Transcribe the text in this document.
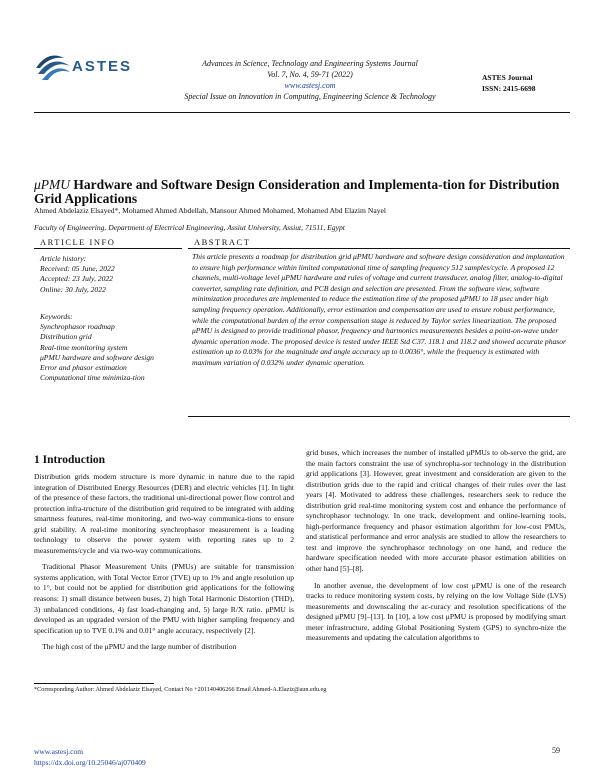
ASTES	Advances in Science, Technology and Engineering Systems Journal
Vol. 7, No. 4, 59-71 (2022)
www.astesj.com
Special Issue on Innovation in Computing, Engineering Science & Technology
ASTES Journal
ISSN: 2415-6698
μPMU Hardware and Software Design Consideration and Implementa-tion for Distribution Grid Applications
Ahmed Abdelaziz Elsayed*, Mohamed Ahmed Abdellah, Mansour Ahmed Mohamed, Mohamed Abd Elazim Nayel
Faculty of Engineering, Department of Electrical Engineering, Assiut University, Assiut, 71511, Egypt
ARTICLE INFO	ABSTRACT
Article history:
Received: 05 June, 2022
Accepted: 23 July, 2022
Online: 30 July, 2022
Keywords:
Synchrophasor roadmap
Distribution grid
Real-time monitoring system
μPMU hardware and software design
Error and phasor estimation
Computational time minimiza-tion
This article presents a roadmap for distribution grid μPMU hardware and software design consideration and implantation to ensure high performance within limited computational time of sampling frequency 512 samples/cycle. A proposed 12 channels, multi-voltage level μPMU hardware and rules of voltage and current transducer, analog filter, analog-to-digital converter, sampling rate definition, and PCB design and selection are presented. From the software view, software minimization procedures are implemented to reduce the estimation time of the proposed μPMU to 18 μsec under high sampling frequency operation. Additionally, error estimation and compensation are used to ensure robust performance, while the computational burden of the error compensation stage is reduced by Taylor series linearization. The proposed μPMU is designed to provide traditional phasor, frequency and harmonics measurements besides a point-on-wave under dynamic operation mode. The proposed device is tested under IEEE Std C37. 118.1 and 118.2 and showed accurate phasor estimation up to 0.03% for the magnitude and angle accuracy up to 0.0036°, while the frequency is estimated with maximum variation of 0.032% under dynamic operation.
1 Introduction

Distribution grids modern structure is more dynamic in nature due to the rapid integration of Distributed Energy Resources (DER) and electric vehicles [1]. In light of the presence of these factors, the traditional uni-directional power flow control and protection infra-tructure of the distribution grid required to be integrated with adding smartness features, real-time monitoring, and two-way communica-tions to ensure grid stability. A real-time monitoring synchrophasor measurement is a leading technology to observe the power system with reporting rates up to 2 measurements/cycle and via two-way communications.

Traditional Phasor Measurement Units (PMUs) are suitable for transmission systems application, with Total Vector Error (TVE) up to 1% and angle resolution up to 1°, but could not be applied for distribution grid applications for the following reasons: 1) small distance between buses, 2) high Total Harmonic Distortion (THD), 3) unbalanced conditions, 4) fast load-changing and, 5) large R/X ratio. μPMU is developed as an upgraded version of the PMU with higher sampling frequency and specification up to TVE 0.1% and 0.01° angle accuracy, respectively [2].

The high cost of the μPMU and the large number of distribution

grid buses, which increases the number of installed μPMUs to ob-serve the grid, are the main factors constraint the use of synchropha-sor technology in the distribution grid applications [3]. However, great investment and consideration are given to the distribution grids due to the rapid and critical changes of their rules over the last years [4]. Motivated to address these challenges, researchers seek to reduce the distribution grid real-time monitoring system cost and enhance the performance of synchrophasor technology. In one track, development and online-learning tools, high-performance frequency and phasor estimation algorithm for low-cost PMUs, and statistical performance and error analysis are studied to allow the researchers to test and improve the synchrophasor technology on one hand, and reduce the hardware specification needed with more accurate phasor estimation abilities on other hand [5]–[8].

In another avenue, the development of low cost μPMU is one of the research tracks to reduce monitoring system costs, by relying on the low Voltage Side (LVS) measurements and downscaling the ac-curacy and resolution specifications of the designed μPMU [9]–[13]. In [10], a low cost μPMU is proposed by modifying smart meter infrastructure, adding Global Positioning System (GPS) to synchro-nize the measurements and updating the calculation algorithms to

*Corresponding Author: Ahmed Abdelaziz Elsayed, Contact No +201140406266 Email Ahmed-A.Elaziz@aun.edu.eg
www.astesj.com
https://dx.doi.org/10.25046/aj070409
59
